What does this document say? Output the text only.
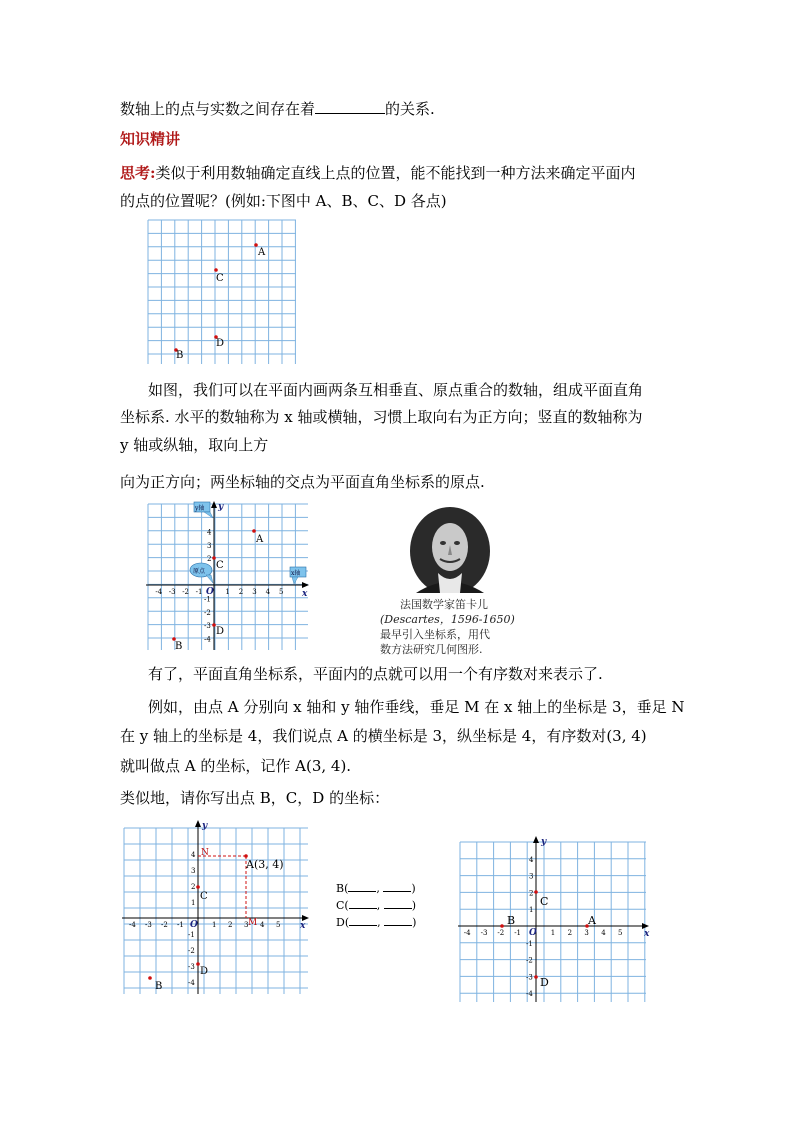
数轴上的点与实数之间存在着	的关系.
知识精讲
思考:类似于利用数轴确定直线上点的位置，能不能找到一种方法来确定平面内
的点的位置呢？(例如:下图中 A、B、C、D 各点)
A
B
C
D
如图，我们可以在平面内画两条互相垂直、原点重合的数轴，组成平面直角
坐标系. 水平的数轴称为 x 轴或横轴，习惯上取向右为正方向；竖直的数轴称为
y 轴或纵轴，取向上方
向为正方向；两坐标轴的交点为平面直角坐标系的原点.
x
y
O
-4 -3 -2 -1	1 2 3 4 5
4
3
2
-1
-2
-3
-4
y轴
x轴
原点
A
B
C
D
法国数学家笛卡儿
(Descartes，1596-1650)
最早引入坐标系，用代
数方法研究几何图形.
有了，平面直角坐标系，平面内的点就可以用一个有序数对来表示了.
例如，由点 A 分别向 x 轴和 y 轴作垂线，垂足 M 在 x 轴上的坐标是 3，垂足 N
在 y 轴上的坐标是 4，我们说点 A 的横坐标是 3，纵坐标是 4，有序数对(3, 4)
就叫做点 A 的坐标，记作 A(3, 4).
类似地，请你写出点 B，C，D 的坐标：
x
y
O
-4 -3 -2 -1	1 2 3 4 5
4
3
2
1
-1
-2
-3
-4
A(3, 4)
N
M
B
C
D
B(	,	)
C(	,	)
D(	,	)
x
y
O
-4 -3 -2 -1	1 2 3 4 5
4
3
2
1
-1
-2
-3
-4
A
B
C
D
